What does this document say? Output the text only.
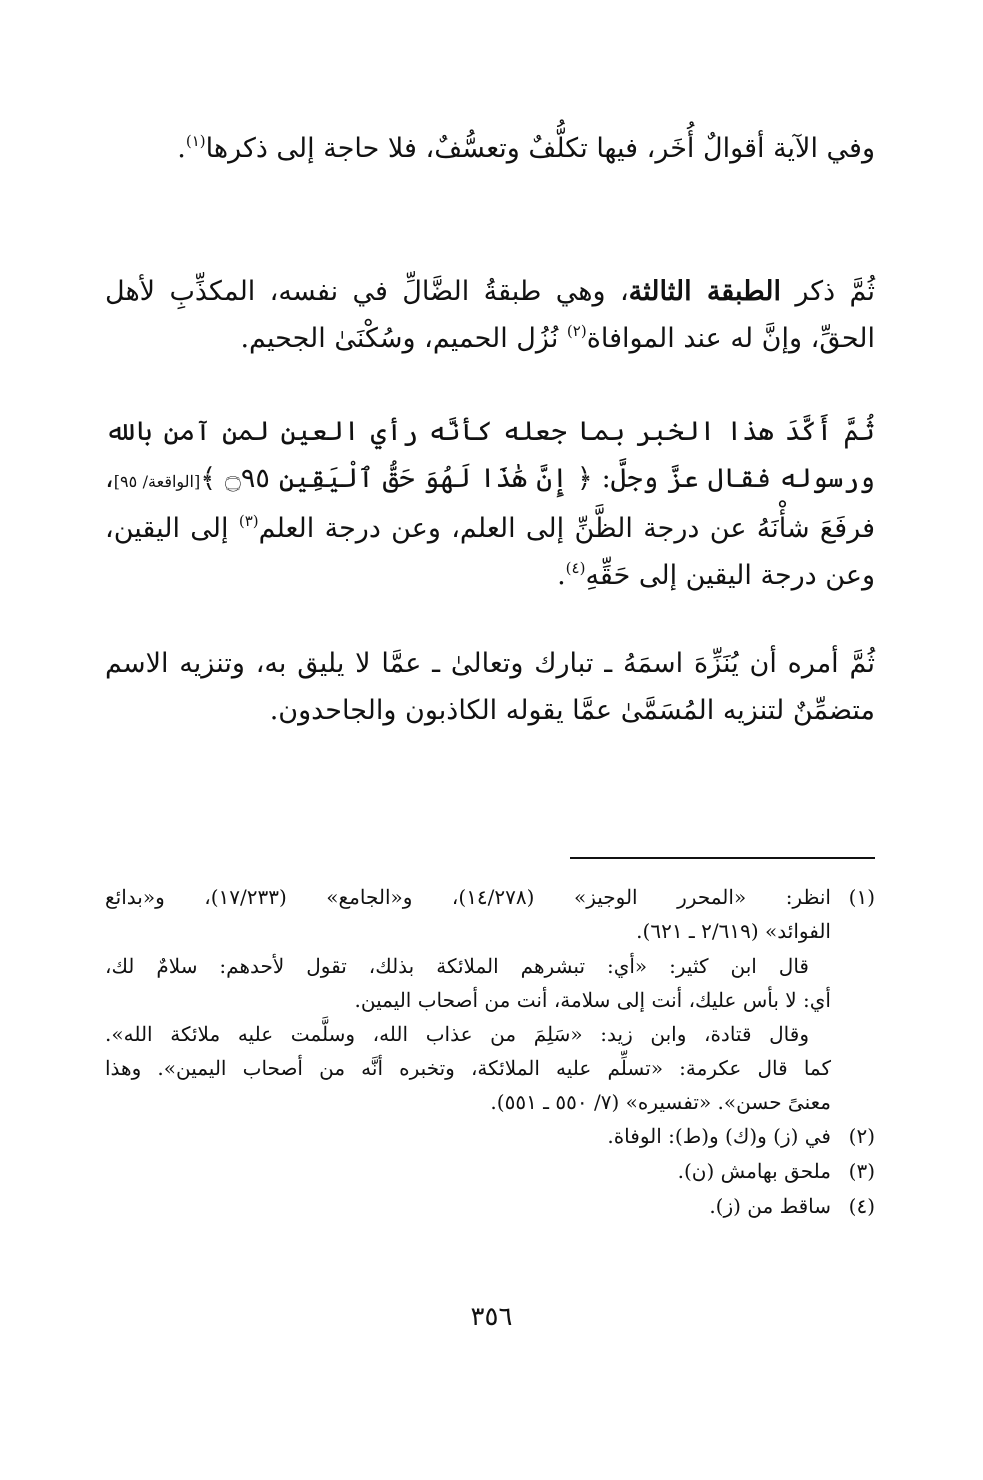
وفي الآية أقوالٌ أُخَر، فيها تكلُّفٌ وتعسُّفٌ، فلا حاجة إلى ذكرها$^{(١)}$.
ثُمَّ ذكر الطبقة الثالثة، وهي طبقةُ الضَّالِّ في نفسه، المكذِّبِ لأهل الحقِّ، وإنَّ له عند الموافاة$^{(٢)}$ نُزُل الحميم، وسُكْنَىٰ الجحيم.
ثُمَّ أَكَّدَ هذا الخبر بما جعله كأنَّه رأي العين لمن آمن بالله ورسوله فقال عزَّ وجلَّ: ﴿ إِنَّ هَٰذَا لَهُوَ حَقُّ ٱلْيَقِينِ ۝٩٥ ﴾[الواقعة/ ٩٥]، فرفَعَ شأْنَهُ عن درجة الظَّنِّ إلى العلم، وعن درجة العلم$^{(٣)}$ إلى اليقين، وعن درجة اليقين إلى حَقِّهِ$^{(٤)}$.
ثُمَّ أمره أن يُنَزِّهَ اسمَهُ ـ تبارك وتعالىٰ ـ عمَّا لا يليق به، وتنزيه الاسم متضمِّنٌ لتنزيه المُسَمَّىٰ عمَّا يقوله الكاذبون والجاحدون.
(١)
انظر: «المحرر الوجيز» (١٤/٢٧٨)، و«الجامع» (١٧/٢٣٣)، و«بدائع
الفوائد» (٢/٦١٩ ـ ٦٢١).
قال ابن كثير: «أي: تبشرهم الملائكة بذلك، تقول لأحدهم: سلامٌ لك،
أي: لا بأس عليك، أنت إلى سلامة، أنت من أصحاب اليمين.
وقال قتادة، وابن زيد: «سَلِمَ من عذاب الله، وسلَّمت عليه ملائكة الله».
كما قال عكرمة: «تسلِّم عليه الملائكة، وتخبره أنَّه من أصحاب اليمين». وهذا
معنىً حسن». «تفسيره» (٧/ ٥٥٠ ـ ٥٥١).
(٢)
في (ز) و(ك) و(ط): الوفاة.
(٣)
ملحق بهامش (ن).
(٤)
ساقط من (ز).
٣٥٦
